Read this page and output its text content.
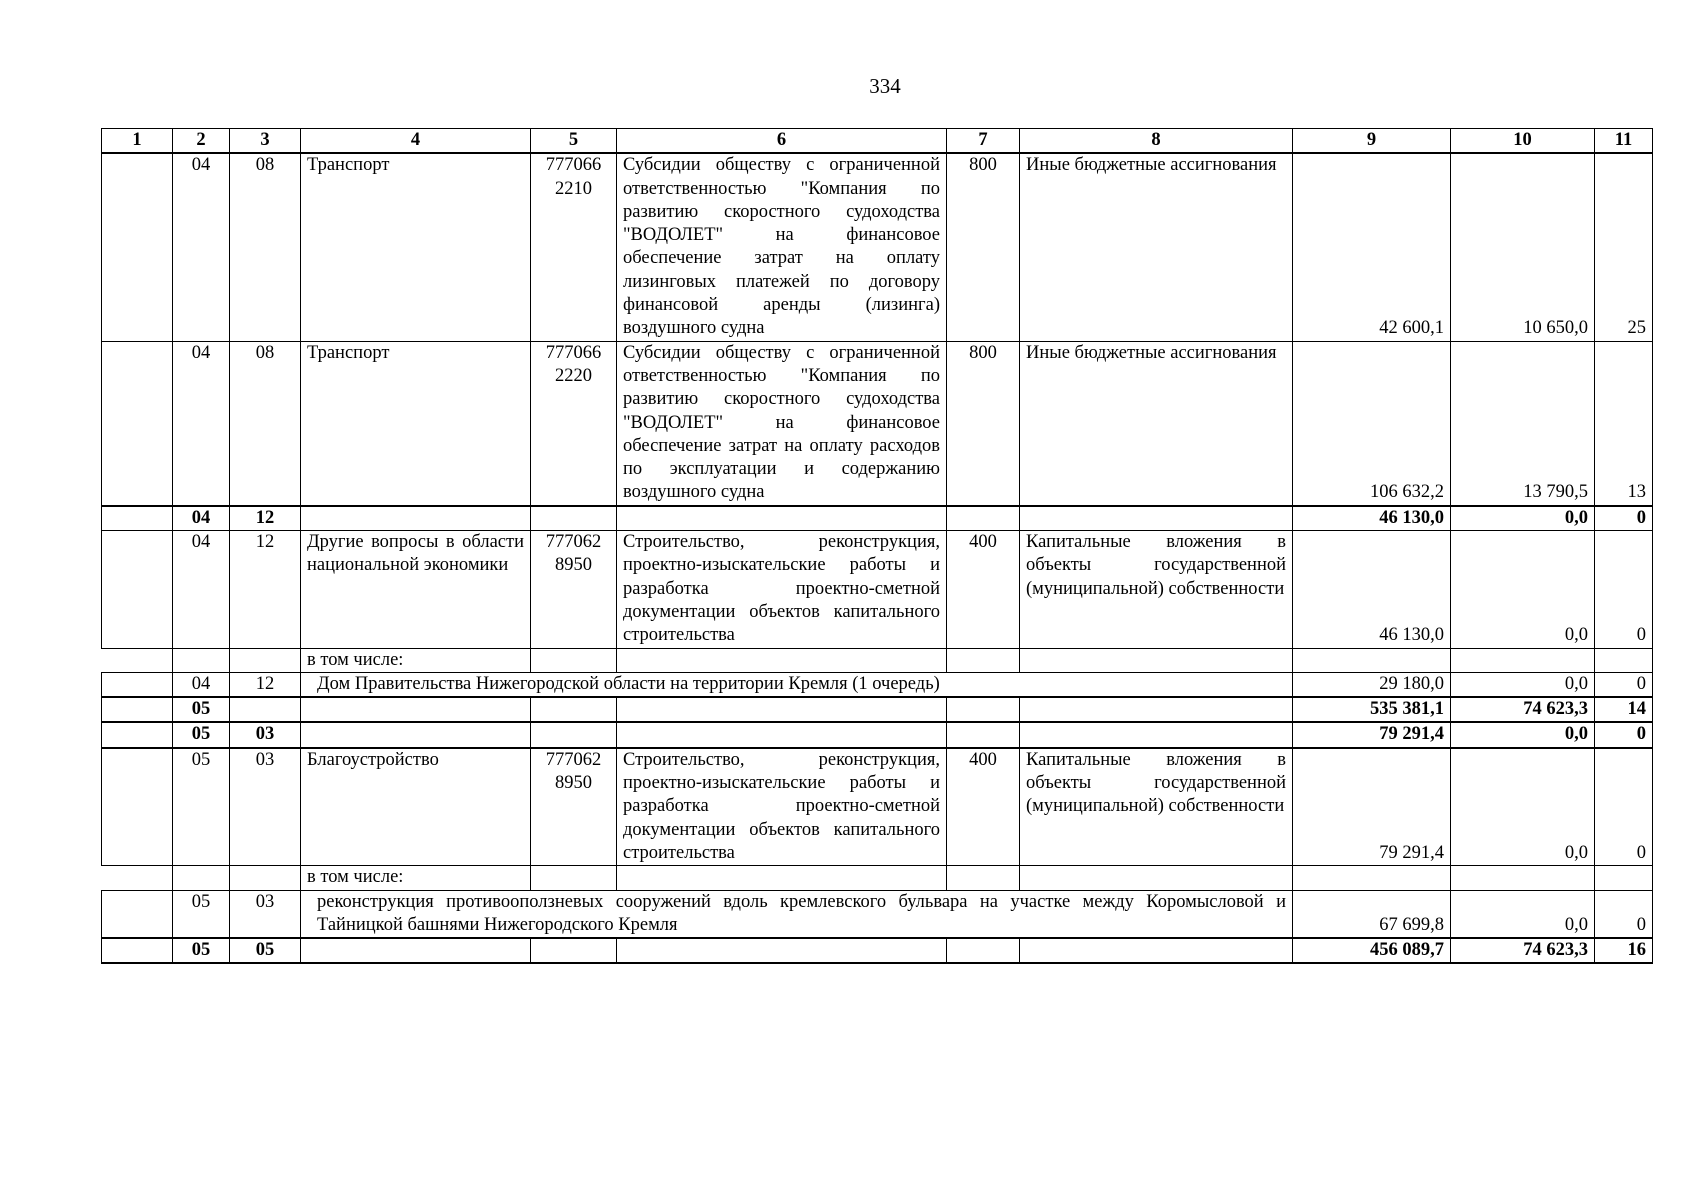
334
1	2	3	4	5	6	7	8	9	10	11
	04	08	Транспорт	777066 2210	Субсидии обществу с ограниченной ответственностью "Компания по развитию скоростного судоходства "ВОДОЛЕТ" на финансовое обеспечение затрат на оплату лизинговых платежей по договору финансовой аренды (лизинга) воздушного судна	800	Иные бюджетные ассигнования	42 600,1	10 650,0	25
	04	08	Транспорт	777066 2220	Субсидии обществу с ограниченной ответственностью "Компания по развитию скоростного судоходства "ВОДОЛЕТ" на финансовое обеспечение затрат на оплату расходов по эксплуатации и содержанию воздушного судна	800	Иные бюджетные ассигнования	106 632,2	13 790,5	13
	04	12						46 130,0	0,0	0
	04	12	Другие вопросы в области национальной экономики	777062 8950	Строительство, реконструкция, проектно-изыскательские работы и разработка проектно-сметной документации объектов капитального строительства	400	Капитальные вложения в объекты государственной (муниципальной) собственности	46 130,0	0,0	0
			в том числе:							
	04	12	Дом Правительства Нижегородской области на территории Кремля (1 очередь)					29 180,0	0,0	0
	05							535 381,1	74 623,3	14
	05	03						79 291,4	0,0	0
	05	03	Благоустройство	777062 8950	Строительство, реконструкция, проектно-изыскательские работы и разработка проектно-сметной документации объектов капитального строительства	400	Капитальные вложения в объекты государственной (муниципальной) собственности	79 291,4	0,0	0
			в том числе:							
	05	03	реконструкция противооползневых сооружений вдоль кремлевского бульвара на участке между Коромысловой и Тайницкой башнями Нижегородского Кремля					67 699,8	0,0	0
	05	05						456 089,7	74 623,3	16
